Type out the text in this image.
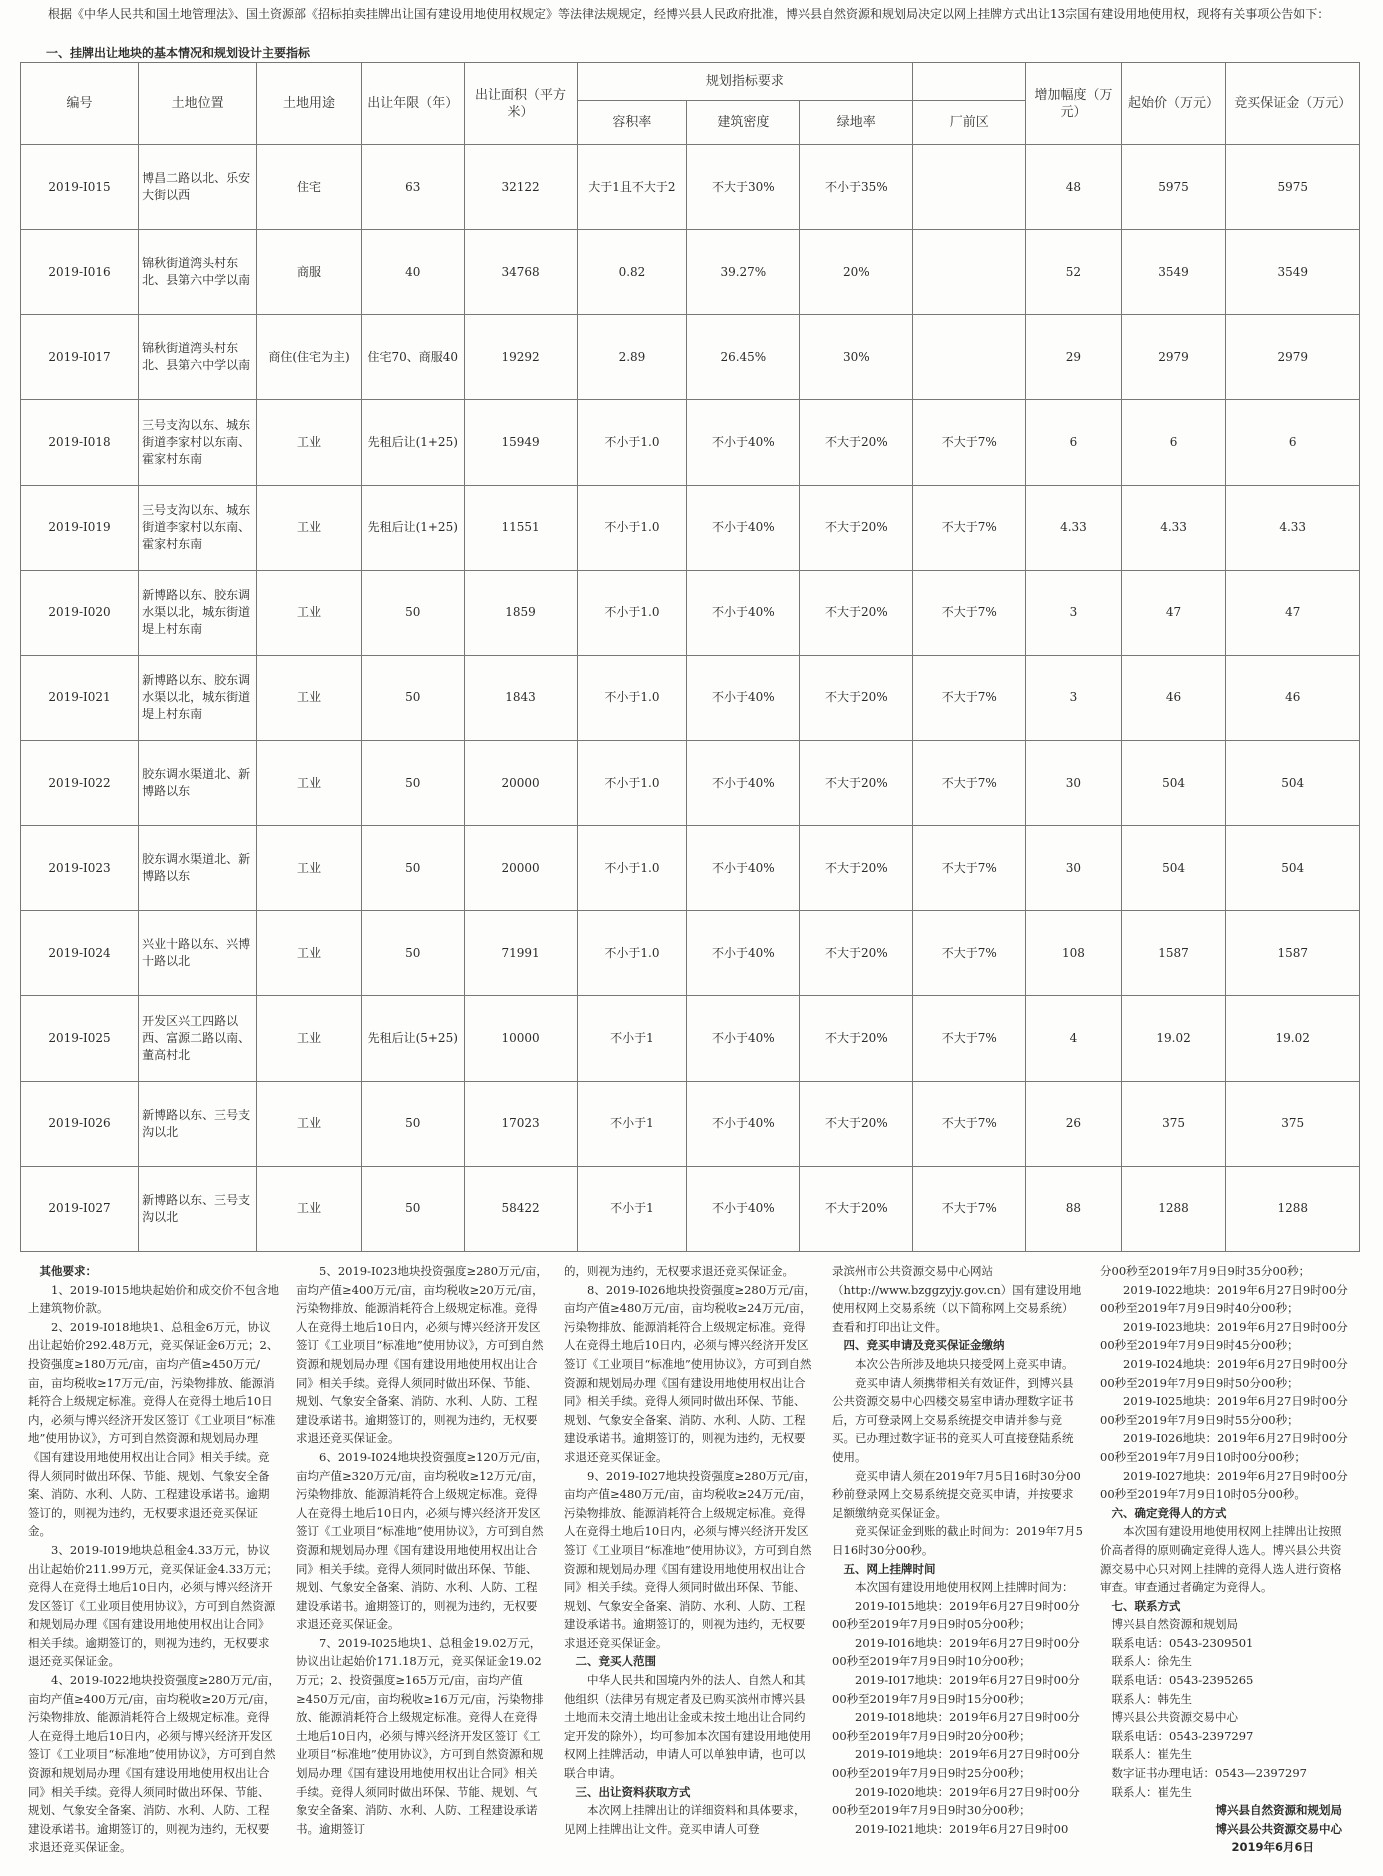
根据《中华人民共和国土地管理法》、国土资源部《招标拍卖挂牌出让国有建设用地使用权规定》等法律法规规定，经博兴县人民政府批准，博兴县自然资源和规划局决定以网上挂牌方式出让13宗国有建设用地使用权，现将有关事项公告如下：
一、挂牌出让地块的基本情况和规划设计主要指标
编号	土地位置	土地用途	出让年限（年）	出让面积（平方米）	规划指标要求				增加幅度（万元）	起始价（万元）	竞买保证金（万元）
					容积率	建筑密度	绿地率	厂前区			
2019-I015	博昌二路以北、乐安大街以西	住宅	63	32122	大于1且不大于2	不大于30%	不小于35%		48	5975	5975
2019-I016	锦秋街道湾头村东北、县第六中学以南	商服	40	34768	0.82	39.27%	20%		52	3549	3549
2019-I017	锦秋街道湾头村东北、县第六中学以南	商住(住宅为主)	住宅70、商服40	19292	2.89	26.45%	30%		29	2979	2979
2019-I018	三号支沟以东、城东街道李家村以东南、霍家村东南	工业	先租后让(1+25)	15949	不小于1.0	不小于40%	不大于20%	不大于7%	6	6	6
2019-I019	三号支沟以东、城东街道李家村以东南、霍家村东南	工业	先租后让(1+25)	11551	不小于1.0	不小于40%	不大于20%	不大于7%	4.33	4.33	4.33
2019-I020	新博路以东、胶东调水渠以北，城东街道堤上村东南	工业	50	1859	不小于1.0	不小于40%	不大于20%	不大于7%	3	47	47
2019-I021	新博路以东、胶东调水渠以北，城东街道堤上村东南	工业	50	1843	不小于1.0	不小于40%	不大于20%	不大于7%	3	46	46
2019-I022	胶东调水渠道北、新博路以东	工业	50	20000	不小于1.0	不小于40%	不大于20%	不大于7%	30	504	504
2019-I023	胶东调水渠道北、新博路以东	工业	50	20000	不小于1.0	不小于40%	不大于20%	不大于7%	30	504	504
2019-I024	兴业十路以东、兴博十路以北	工业	50	71991	不小于1.0	不小于40%	不大于20%	不大于7%	108	1587	1587
2019-I025	开发区兴工四路以西、富源二路以南、董高村北	工业	先租后让(5+25)	10000	不小于1	不小于40%	不大于20%	不大于7%	4	19.02	19.02
2019-I026	新博路以东、三号支沟以北	工业	50	17023	不小于1	不小于40%	不大于20%	不大于7%	26	375	375
2019-I027	新博路以东、三号支沟以北	工业	50	58422	不小于1	不小于40%	不大于20%	不大于7%	88	1288	1288
其他要求：

1、2019-I015地块起始价和成交价不包含地上建筑物价款。

2、2019-I018地块1、总租金6万元，协议出让起始价292.48万元，竞买保证金6万元；2、投资强度≥180万元/亩，亩均产值≥450万元/亩，亩均税收≥17万元/亩，污染物排放、能源消耗符合上级规定标准。竞得人在竞得土地后10日内，必须与博兴经济开发区签订《工业项目“标准地”使用协议》，方可到自然资源和规划局办理《国有建设用地使用权出让合同》相关手续。竞得人须同时做出环保、节能、规划、气象安全备案、消防、水利、人防、工程建设承诺书。逾期签订的，则视为违约，无权要求退还竞买保证金。

3、2019-I019地块总租金4.33万元，协议出让起始价211.99万元，竞买保证金4.33万元；竞得人在竞得土地后10日内，必须与博兴经济开发区签订《工业项目使用协议》，方可到自然资源和规划局办理《国有建设用地使用权出让合同》相关手续。逾期签订的，则视为违约，无权要求退还竞买保证金。

4、2019-I022地块投资强度≥280万元/亩，亩均产值≥400万元/亩，亩均税收≥20万元/亩，污染物排放、能源消耗符合上级规定标准。竞得人在竞得土地后10日内，必须与博兴经济开发区签订《工业项目“标准地”使用协议》，方可到自然资源和规划局办理《国有建设用地使用权出让合同》相关手续。竞得人须同时做出环保、节能、规划、气象安全备案、消防、水利、人防、工程建设承诺书。逾期签订的，则视为违约，无权要求退还竞买保证金。

5、2019-I023地块投资强度≥280万元/亩，亩均产值≥400万元/亩，亩均税收≥20万元/亩，污染物排放、能源消耗符合上级规定标准。竞得人在竞得土地后10日内，必须与博兴经济开发区签订《工业项目“标准地”使用协议》，方可到自然资源和规划局办理《国有建设用地使用权出让合同》相关手续。竞得人须同时做出环保、节能、规划、气象安全备案、消防、水利、人防、工程建设承诺书。逾期签订的，则视为违约，无权要求退还竞买保证金。

6、2019-I024地块投资强度≥120万元/亩，亩均产值≥320万元/亩，亩均税收≥12万元/亩，污染物排放、能源消耗符合上级规定标准。竞得人在竞得土地后10日内，必须与博兴经济开发区签订《工业项目“标准地”使用协议》，方可到自然资源和规划局办理《国有建设用地使用权出让合同》相关手续。竞得人须同时做出环保、节能、规划、气象安全备案、消防、水利、人防、工程建设承诺书。逾期签订的，则视为违约，无权要求退还竞买保证金。

7、2019-I025地块1、总租金19.02万元，协议出让起始价171.18万元，竞买保证金19.02万元；2、投资强度≥165万元/亩，亩均产值≥450万元/亩，亩均税收≥16万元/亩，污染物排放、能源消耗符合上级规定标准。竞得人在竞得土地后10日内，必须与博兴经济开发区签订《工业项目“标准地”使用协议》，方可到自然资源和规划局办理《国有建设用地使用权出让合同》相关手续。竞得人须同时做出环保、节能、规划、气象安全备案、消防、水利、人防、工程建设承诺书。逾期签订

的，则视为违约，无权要求退还竞买保证金。

8、2019-I026地块投资强度≥280万元/亩，亩均产值≥480万元/亩，亩均税收≥24万元/亩，污染物排放、能源消耗符合上级规定标准。竞得人在竞得土地后10日内，必须与博兴经济开发区签订《工业项目“标准地”使用协议》，方可到自然资源和规划局办理《国有建设用地使用权出让合同》相关手续。竞得人须同时做出环保、节能、规划、气象安全备案、消防、水利、人防、工程建设承诺书。逾期签订的，则视为违约，无权要求退还竞买保证金。

9、2019-I027地块投资强度≥280万元/亩，亩均产值≥480万元/亩，亩均税收≥24万元/亩，污染物排放、能源消耗符合上级规定标准。竞得人在竞得土地后10日内，必须与博兴经济开发区签订《工业项目“标准地”使用协议》，方可到自然资源和规划局办理《国有建设用地使用权出让合同》相关手续。竞得人须同时做出环保、节能、规划、气象安全备案、消防、水利、人防、工程建设承诺书。逾期签订的，则视为违约，无权要求退还竞买保证金。

二、竞买人范围

中华人民共和国境内外的法人、自然人和其他组织（法律另有规定者及已购买滨州市博兴县土地而未交清土地出让金或未按土地出让合同约定开发的除外），均可参加本次国有建设用地使用权网上挂牌活动，申请人可以单独申请，也可以联合申请。

三、出让资料获取方式

本次网上挂牌出让的详细资料和具体要求，见网上挂牌出让文件。竞买申请人可登

录滨州市公共资源交易中心网站（http://www.bzggzyjy.gov.cn）国有建设用地使用权网上交易系统（以下简称网上交易系统）查看和打印出让文件。

四、竞买申请及竞买保证金缴纳

本次公告所涉及地块只接受网上竞买申请。

竞买申请人须携带相关有效证件，到博兴县公共资源交易中心四楼交易室申请办理数字证书后，方可登录网上交易系统提交申请并参与竞买。已办理过数字证书的竞买人可直接登陆系统使用。

竞买申请人须在2019年7月5日16时30分00秒前登录网上交易系统提交竞买申请，并按要求足额缴纳竞买保证金。

竞买保证金到账的截止时间为：2019年7月5日16时30分00秒。

五、网上挂牌时间

本次国有建设用地使用权网上挂牌时间为：

2019-I015地块：2019年6月27日9时00分00秒至2019年7月9日9时05分00秒；

2019-I016地块：2019年6月27日9时00分00秒至2019年7月9日9时10分00秒；

2019-I017地块：2019年6月27日9时00分00秒至2019年7月9日9时15分00秒；

2019-I018地块：2019年6月27日9时00分00秒至2019年7月9日9时20分00秒；

2019-I019地块：2019年6月27日9时00分00秒至2019年7月9日9时25分00秒；

2019-I020地块：2019年6月27日9时00分00秒至2019年7月9日9时30分00秒；

2019-I021地块：2019年6月27日9时00

分00秒至2019年7月9日9时35分00秒；

2019-I022地块：2019年6月27日9时00分00秒至2019年7月9日9时40分00秒；

2019-I023地块：2019年6月27日9时00分00秒至2019年7月9日9时45分00秒；

2019-I024地块：2019年6月27日9时00分00秒至2019年7月9日9时50分00秒；

2019-I025地块：2019年6月27日9时00分00秒至2019年7月9日9时55分00秒；

2019-I026地块：2019年6月27日9时00分00秒至2019年7月9日10时00分00秒；

2019-I027地块：2019年6月27日9时00分00秒至2019年7月9日10时05分00秒。

六、确定竞得人的方式

本次国有建设用地使用权网上挂牌出让按照价高者得的原则确定竞得人选人。博兴县公共资源交易中心只对网上挂牌的竞得人选人进行资格审查。审查通过者确定为竞得人。

七、联系方式

博兴县自然资源和规划局

联系电话：0543-2309501

联系人：徐先生

联系电话：0543-2395265

联系人：韩先生

博兴县公共资源交易中心

联系电话：0543-2397297

联系人：崔先生

数字证书办理电话：0543—2397297

联系人：崔先生

博兴县自然资源和规划局
博兴县公共资源交易中心
2019年6月6日
